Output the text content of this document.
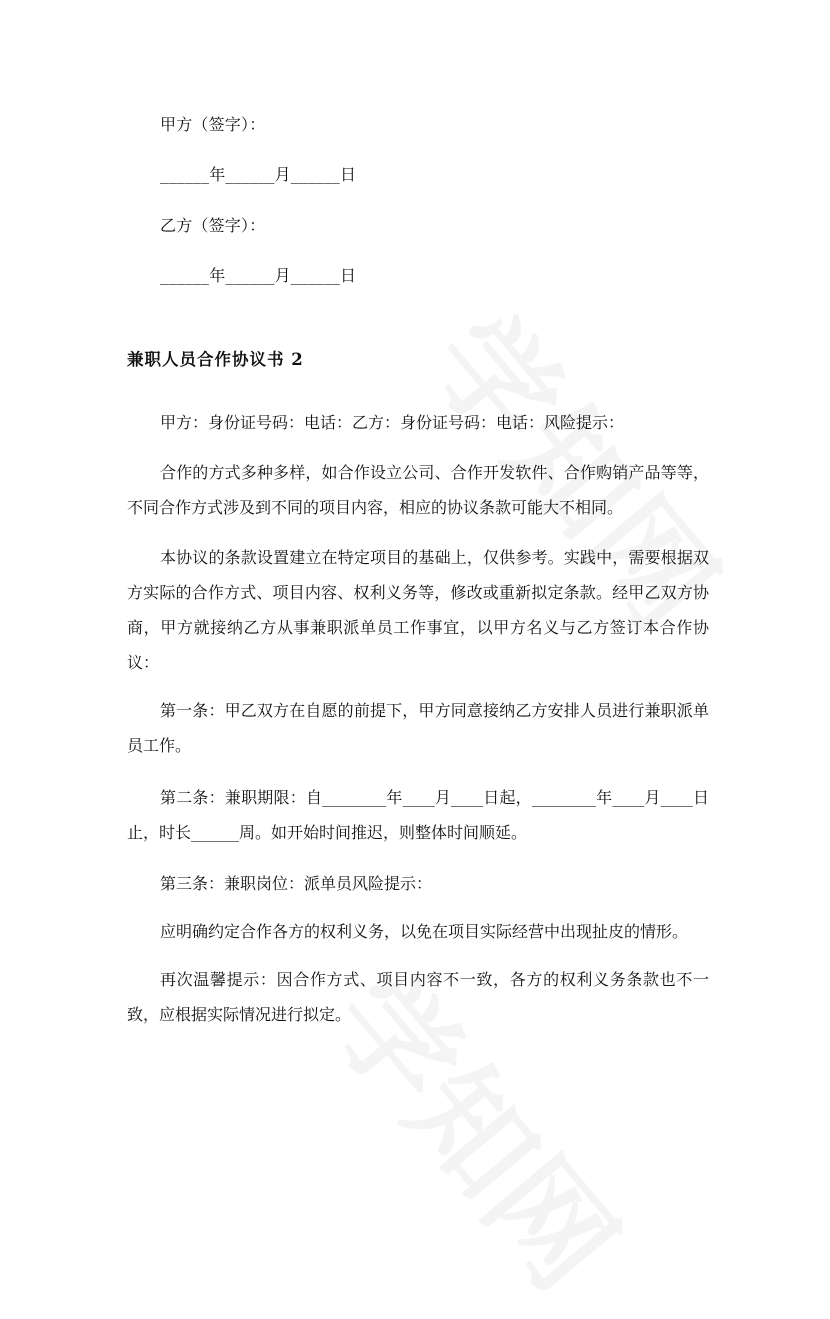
甲方（签字）：
______年______月______日
乙方（签字）：
______年______月______日
兼职人员合作协议书 2

甲方：身份证号码：电话：乙方：身份证号码：电话：风险提示：

合作的方式多种多样，如合作设立公司、合作开发软件、合作购销产品等等，不同合作方式涉及到不同的项目内容，相应的协议条款可能大不相同。

本协议的条款设置建立在特定项目的基础上，仅供参考。实践中，需要根据双方实际的合作方式、项目内容、权利义务等，修改或重新拟定条款。经甲乙双方协商，甲方就接纳乙方从事兼职派单员工作事宜，以甲方名义与乙方签订本合作协议：

第一条：甲乙双方在自愿的前提下，甲方同意接纳乙方安排人员进行兼职派单员工作。

第二条：兼职期限：自________年____月____日起，________年____月____日止，时长______周。如开始时间推迟，则整体时间顺延。

第三条：兼职岗位：派单员风险提示：

应明确约定合作各方的权利义务，以免在项目实际经营中出现扯皮的情形。

再次温馨提示：因合作方式、项目内容不一致，各方的权利义务条款也不一致，应根据实际情况进行拟定。
